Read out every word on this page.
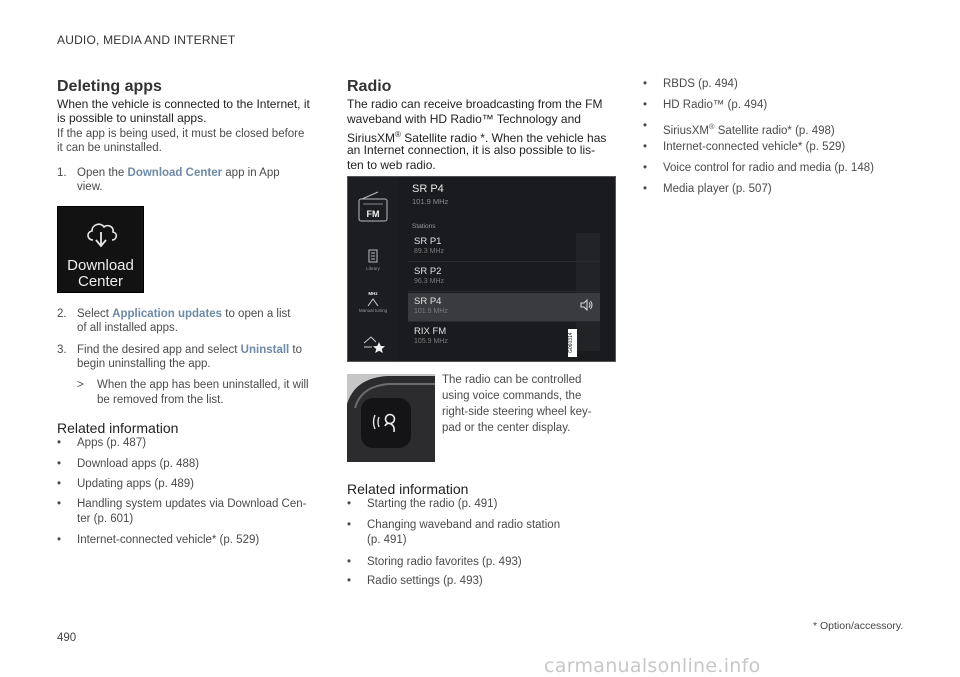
AUDIO, MEDIA AND INTERNET
Deleting apps
When the vehicle is connected to the Internet, it
is possible to uninstall apps.
If the app is being used, it must be closed before
it can be uninstalled.
1. Open the Download Center app in App
view.
Download
Center
2. Select Application updates to open a list
of all installed apps.
3. Find the desired app and select Uninstall to
begin uninstalling the app.
> When the app has been uninstalled, it will
be removed from the list.
Related information
• Apps (p. 487)
• Download apps (p. 488)
• Updating apps (p. 489)
• Handling system updates via Download Cen-
ter (p. 601)
• Internet-connected vehicle* (p. 529)
Radio
The radio can receive broadcasting from the FM
waveband with HD Radio™ Technology and
SiriusXM® Satellite radio *. When the vehicle has
an Internet connection, it is also possible to lis-
ten to web radio.
FM
Library
MHz
Manual tuning
SR P4
101.9 MHz
Stations
SR P1
89.3 MHz
SR P2
96.3 MHz
SR P4
101.9 MHz
RIX FM
105.9 MHz	G060314
The radio can be controlled
using voice commands, the
right-side steering wheel key-
pad or the center display.
Related information
• Starting the radio (p. 491)
• Changing waveband and radio station
(p. 491)
• Storing radio favorites (p. 493)
• Radio settings (p. 493)
• RBDS (p. 494)
• HD Radio™ (p. 494)
• SiriusXM® Satellite radio* (p. 498)
• Internet-connected vehicle* (p. 529)
• Voice control for radio and media (p. 148)
• Media player (p. 507)
* Option/accessory.
490
carmanualsonline.info
